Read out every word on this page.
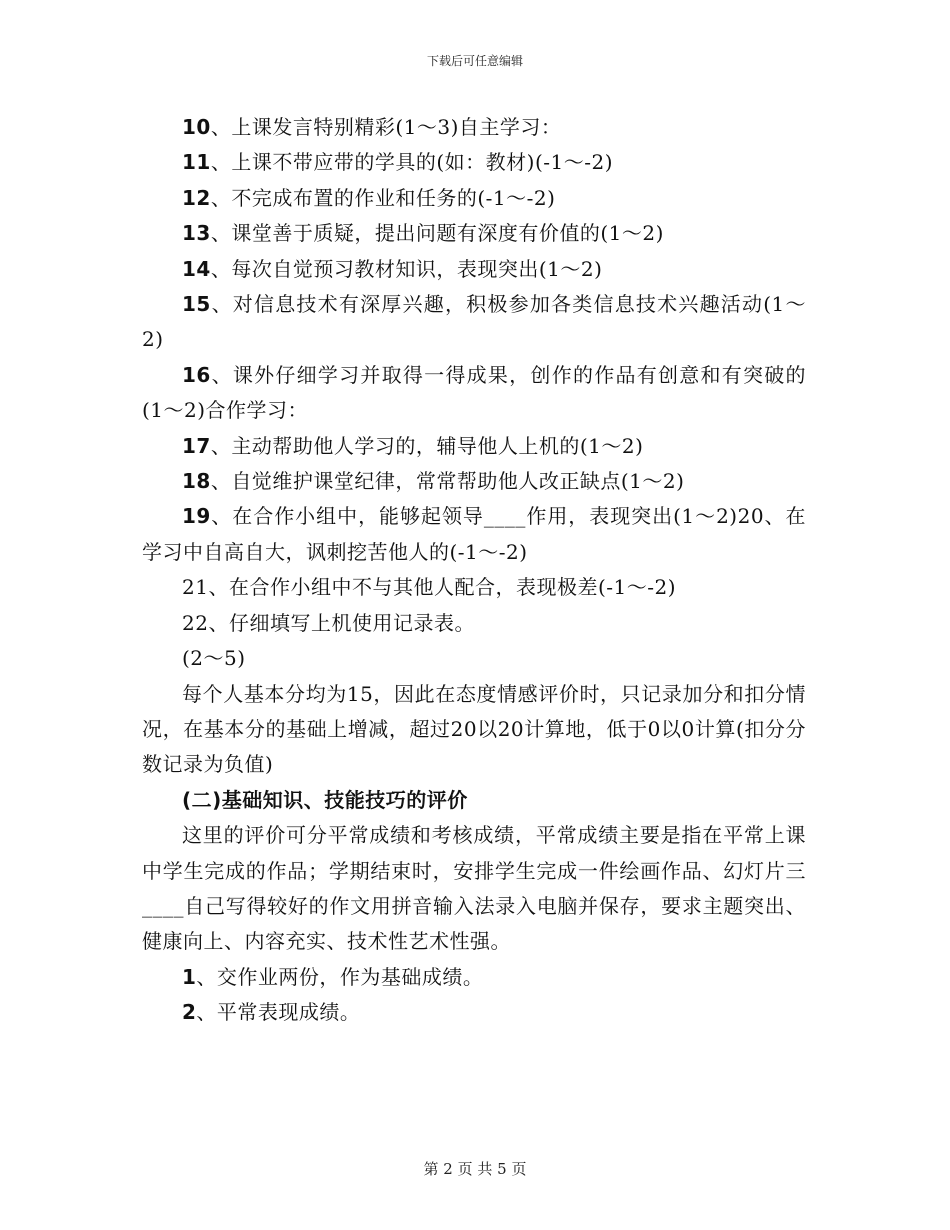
下载后可任意编辑

10、上课发言特别精彩(1～3)自主学习：

11、上课不带应带的学具的(如：教材)(-1～-2)

12、不完成布置的作业和任务的(-1～-2)

13、课堂善于质疑，提出问题有深度有价值的(1～2)

14、每次自觉预习教材知识，表现突出(1～2)

15、对信息技术有深厚兴趣，积极参加各类信息技术兴趣活动(1～2)

16、课外仔细学习并取得一得成果，创作的作品有创意和有突破的(1～2)合作学习：

17、主动帮助他人学习的，辅导他人上机的(1～2)

18、自觉维护课堂纪律，常常帮助他人改正缺点(1～2)

19、在合作小组中，能够起领导____作用，表现突出(1～2)20、在学习中自高自大，讽刺挖苦他人的(-1～-2)

21、在合作小组中不与其他人配合，表现极差(-1～-2)

22、仔细填写上机使用记录表。

(2～5)

每个人基本分均为15，因此在态度情感评价时，只记录加分和扣分情况，在基本分的基础上增减，超过20以20计算地，低于0以0计算(扣分分数记录为负值)

(二)基础知识、技能技巧的评价

这里的评价可分平常成绩和考核成绩，平常成绩主要是指在平常上课中学生完成的作品；学期结束时，安排学生完成一件绘画作品、幻灯片三____自己写得较好的作文用拼音输入法录入电脑并保存，要求主题突出、健康向上、内容充实、技术性艺术性强。

1、交作业两份，作为基础成绩。

2、平常表现成绩。

第 2 页 共 5 页
